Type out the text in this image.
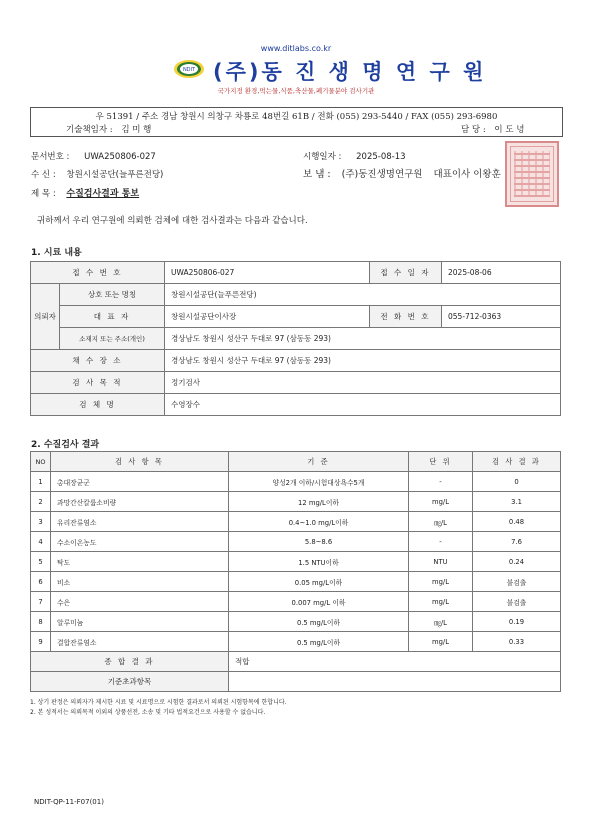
www.ditlabs.co.kr
NDIT (주)동 진 생 명 연 구 원
국가지정 환경,먹는물,식품,축산물,폐기물분야 검사기관
우 51391 / 주소 경남 창원시 의창구 차룡로 48번길 61B / 전화 (055) 293-5440 / FAX (055) 293-6980
기술책임자 : 김 미 행	담 당 : 이 도 녕
문서번호 : UWA250806-027	시행일자 : 2025-08-13
수 신 : 창원시설공단(늘푸른전당)	보 냄 : (주)동진생명연구원 대표이사 이왕훈
제 목 : 수질검사결과 통보
귀하께서 우리 연구원에 의뢰한 검체에 대한 검사결과는 다음과 같습니다.
1. 시료 내용
접 수 번 호		UWA250806-027	접 수 일 자	2025-08-06
의뢰자	상호 또는 명칭	창원시설공단(늘푸른전당)		
	대 표 자	창원시설공단이사장	전 화 번 호	055-712-0363
	소재지 또는 주소(개인)	경상남도 창원시 성산구 두대로 97 (삼동동 293)		
채 수 장 소		경상남도 창원시 성산구 두대로 97 (삼동동 293)		
검 사 목 적		정기검사		
검 체 명		수영장수		
2. 수질검사 결과
NO	검 사 항 목	기 준	단 위	검 사 결 과
1	총대장균군	양성2개 이하/시험대상욕수5개	-	0
2	과망간산칼륨소비량	12 mg/L이하	mg/L	3.1
3	유리잔류염소	0.4~1.0 mg/L이하	㎎/L	0.48
4	수소이온농도	5.8~8.6	-	7.6
5	탁도	1.5 NTU이하	NTU	0.24
6	비소	0.05 mg/L이하	mg/L	불검출
7	수은	0.007 mg/L 이하	mg/L	불검출
8	알루미늄	0.5 mg/L이하	㎎/L	0.19
9	결합잔류염소	0.5 mg/L이하	mg/L	0.33
종 합 결 과		적합		
기준초과항목				
1. 상기 판정은 의뢰자가 제시한 시료 및 시료명으로 시험한 결과로서 의뢰된 시험항목에 한합니다.
2. 본 성적서는 의뢰목적 이외의 상품선전, 소송 및 기타 법적요건으로 사용할 수 없습니다.
NDIT-QP-11-F07(01)
